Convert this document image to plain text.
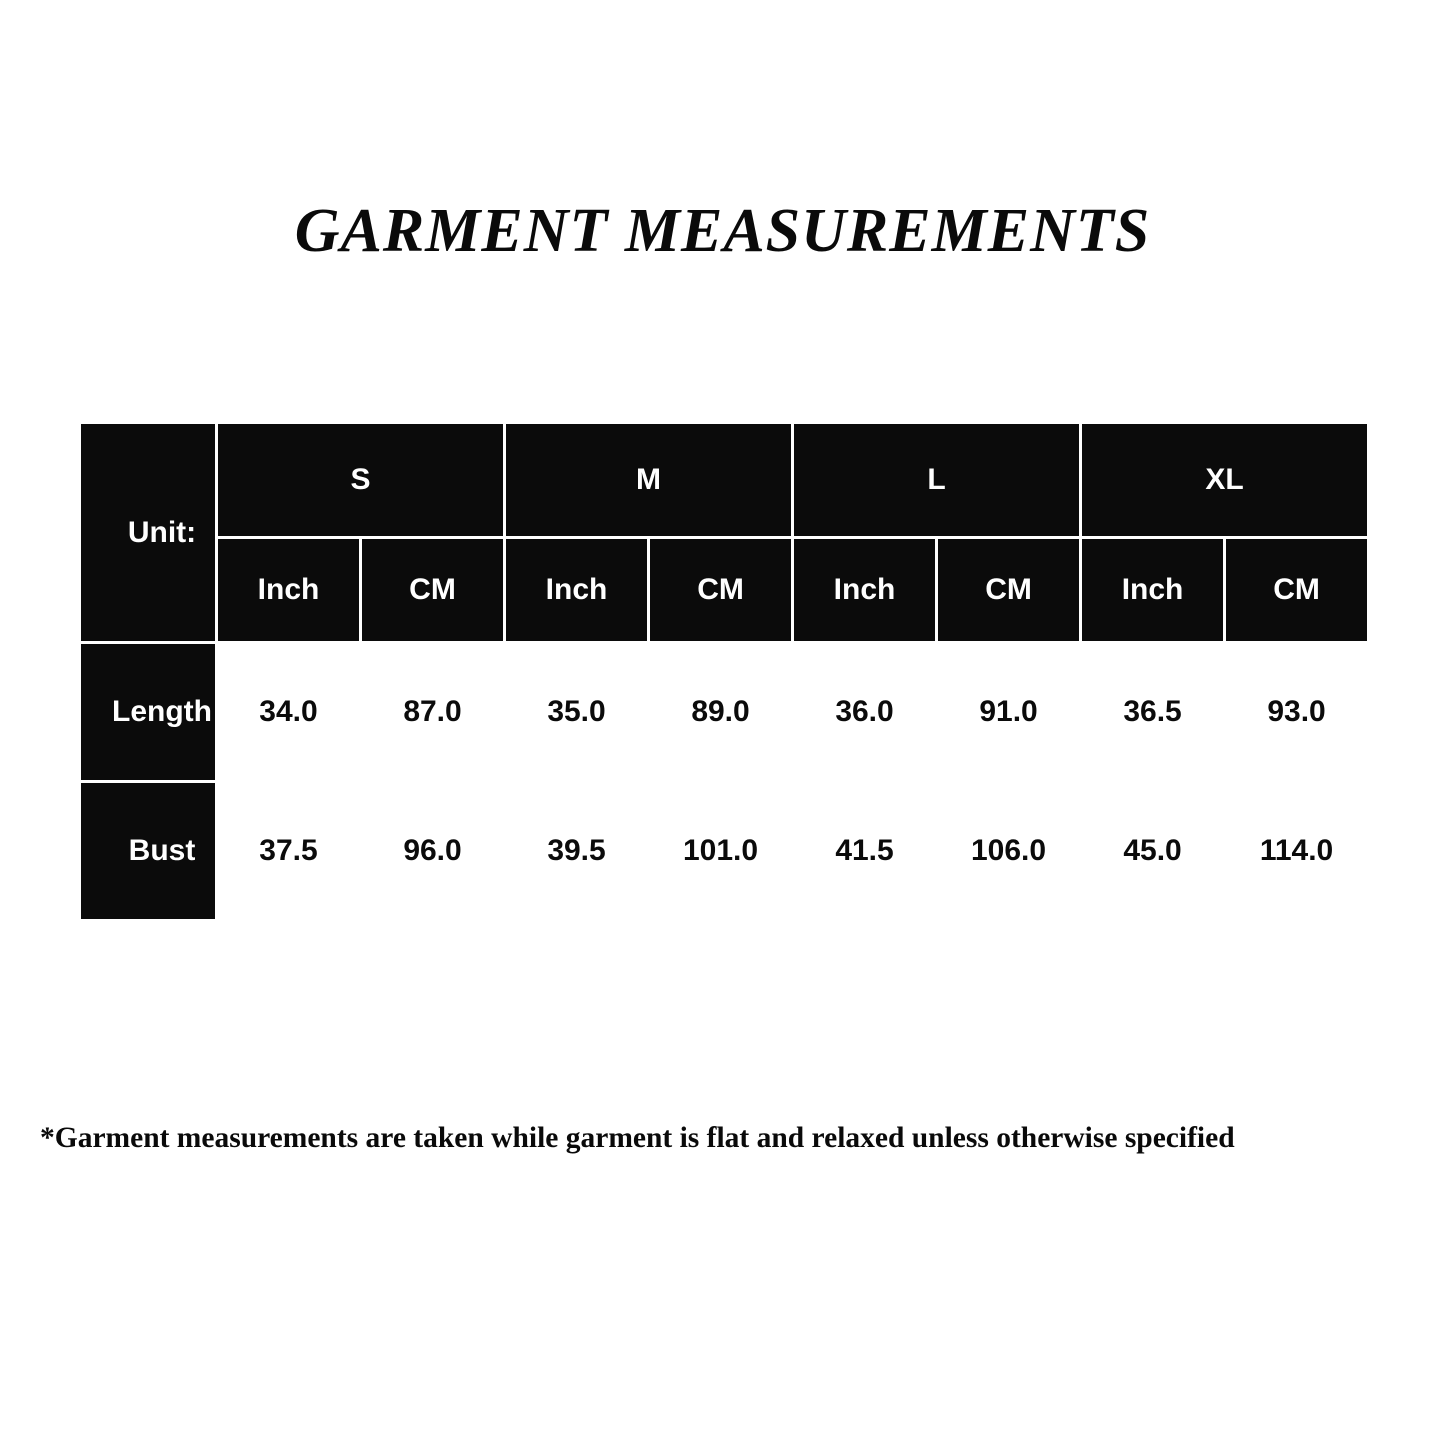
GARMENT MEASUREMENTS
Unit:	S		M		L		XL	
	Inch	CM	Inch	CM	Inch	CM	Inch	CM
Length	34.0	87.0	35.0	89.0	36.0	91.0	36.5	93.0
Bust	37.5	96.0	39.5	101.0	41.5	106.0	45.0	114.0
*Garment measurements are taken while garment is flat and relaxed unless otherwise specified
